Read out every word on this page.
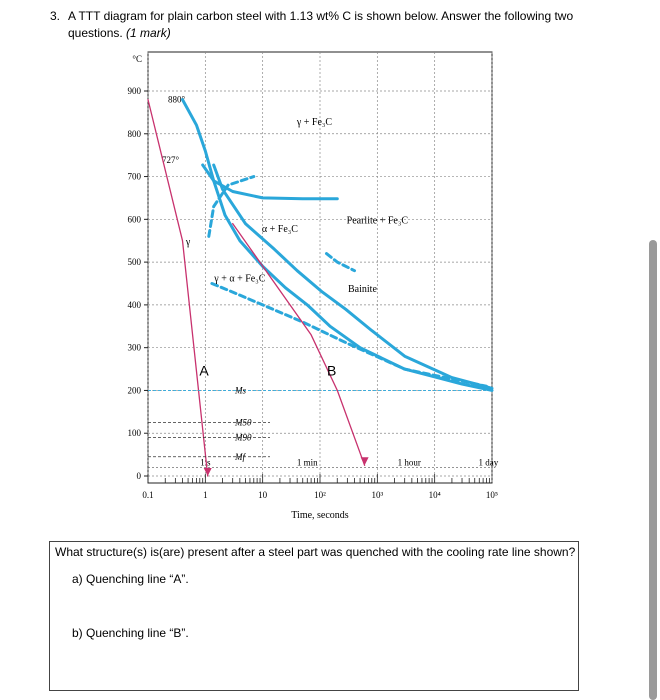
3. A TTT diagram for plain carbon steel with 1.13 wt% C is shown below. Answer the following two
questions. (1 mark)
0
100
200
300
400
500
600
700
800
900
0.1	1	10	10²	10³	10⁴	10⁵
Time, seconds
°C
880°
727°
Ms
M50
M90
Mf
1 s	1 min	1 hour	1 day
γ + Fe₃C
γ
α + Fe₃C
Pearlite + Fe₃C
Bainite
γ + α + Fe₃C
A	B
What structure(s) is(are) present after a steel part was quenched with the cooling rate line shown?
a) Quenching line “A”.
b) Quenching line “B”.
